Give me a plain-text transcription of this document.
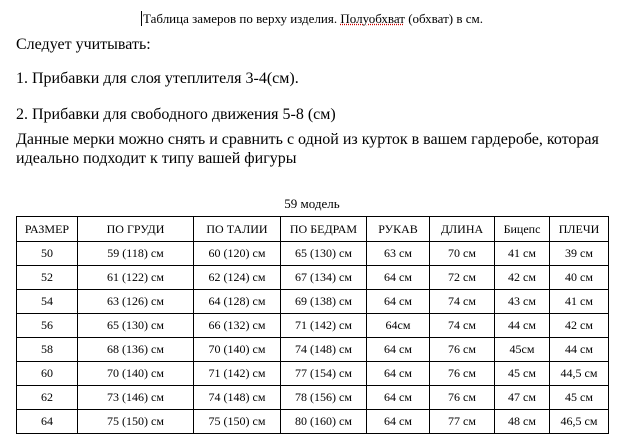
Таблица замеров по верху изделия. Полуобхват (обхват) в см.
Следует учитывать:
1. Прибавки для слоя утеплителя 3-4(см).
2. Прибавки для свободного движения 5-8 (см)
Данные мерки можно снять и сравнить с одной из курток в вашем гардеробе, которая
идеально подходит к типу вашей фигуры
59 модель
РАЗМЕР	ПО ГРУДИ	ПО ТАЛИИ	ПО БЕДРАМ	РУКАВ	ДЛИНА	Бицепс	ПЛЕЧИ
50	59 (118) см	60 (120) см	65 (130) см	63 см	70 см	41 см	39 см
52	61 (122) см	62 (124) см	67 (134) см	64 см	72 см	42 см	40 см
54	63 (126) см	64 (128) см	69 (138) см	64 см	74 см	43 см	41 см
56	65 (130) см	66 (132) см	71 (142) см	64см	74 см	44 см	42 см
58	68 (136) см	70 (140) см	74 (148) см	64 см	76 см	45см	44 см
60	70 (140) см	71 (142) см	77 (154) см	64 см	76 см	45 см	44,5 см
62	73 (146) см	74 (148) см	78 (156) см	64 см	76 см	47 см	45 см
64	75 (150) см	75 (150) см	80 (160) см	64 см	77 см	48 см	46,5 см
